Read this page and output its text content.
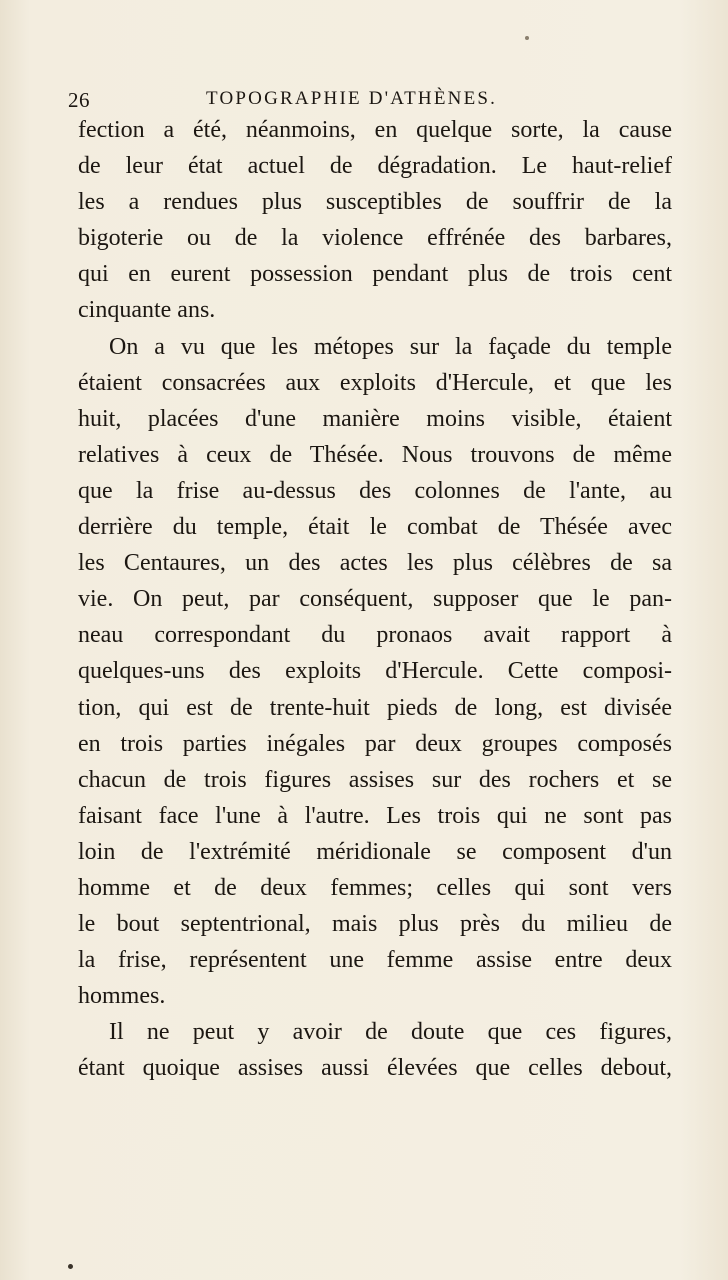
26	TOPOGRAPHIE D'ATHÈNES.

fection a été, néanmoins, en quelque sorte, la cause
de leur état actuel de dégradation. Le haut-relief
les a rendues plus susceptibles de souffrir de la
bigoterie ou de la violence effrénée des barbares,
qui en eurent possession pendant plus de trois cent
cinquante ans.

On a vu que les métopes sur la façade du temple
étaient consacrées aux exploits d'Hercule, et que les
huit, placées d'une manière moins visible, étaient
relatives à ceux de Thésée. Nous trouvons de même
que la frise au-dessus des colonnes de l'ante, au
derrière du temple, était le combat de Thésée avec
les Centaures, un des actes les plus célèbres de sa
vie. On peut, par conséquent, supposer que le pan-
neau correspondant du pronaos avait rapport à
quelques-uns des exploits d'Hercule. Cette composi-
tion, qui est de trente-huit pieds de long, est divisée
en trois parties inégales par deux groupes composés
chacun de trois figures assises sur des rochers et se
faisant face l'une à l'autre. Les trois qui ne sont pas
loin de l'extrémité méridionale se composent d'un
homme et de deux femmes; celles qui sont vers
le bout septentrional, mais plus près du milieu de
la frise, représentent une femme assise entre deux
hommes.

Il ne peut y avoir de doute que ces figures,
étant quoique assises aussi élevées que celles debout,
